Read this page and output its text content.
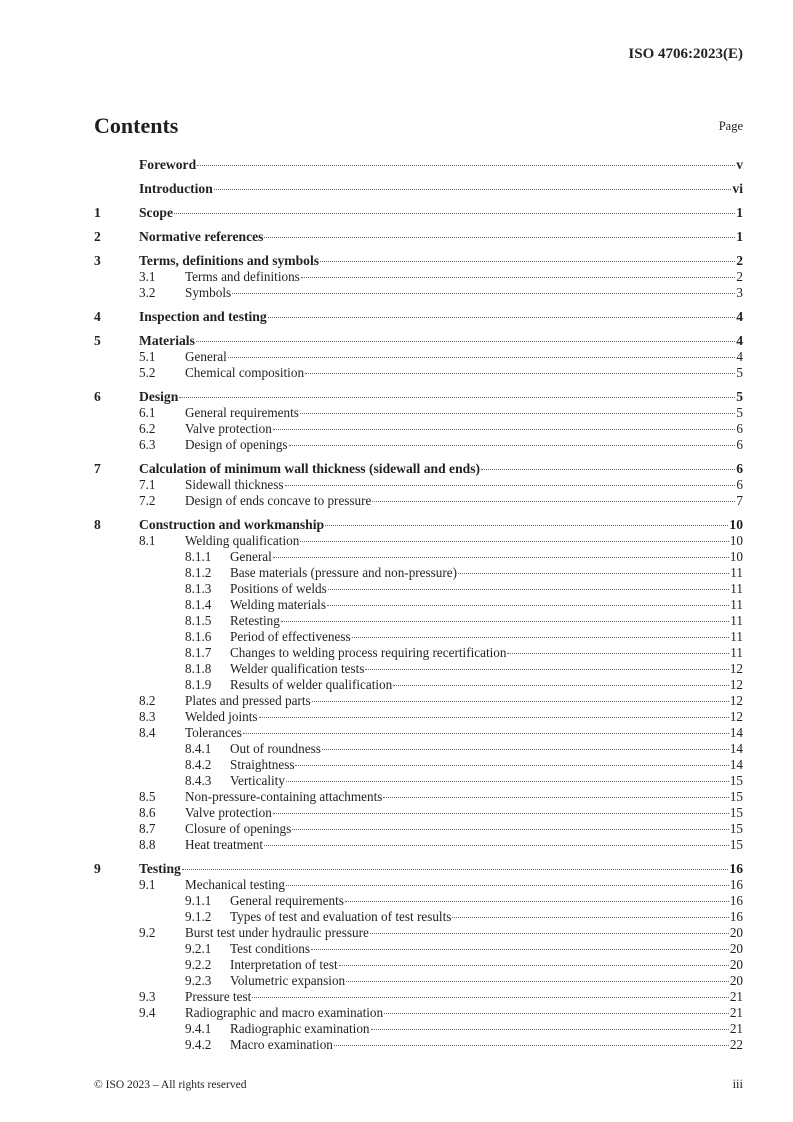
ISO 4706:2023(E)
Contents	Page
Foreword	v
Introduction	vi
1	Scope	1
2	Normative references	1
3	Terms, definitions and symbols	2
3.1	Terms and definitions	2
3.2	Symbols	3
4	Inspection and testing	4
5	Materials	4
5.1	General	4
5.2	Chemical composition	5
6	Design	5
6.1	General requirements	5
6.2	Valve protection	6
6.3	Design of openings	6
7	Calculation of minimum wall thickness (sidewall and ends)	6
7.1	Sidewall thickness	6
7.2	Design of ends concave to pressure	7
8	Construction and workmanship	10
8.1	Welding qualification	10
8.1.1	General	10
8.1.2	Base materials (pressure and non-pressure)	11
8.1.3	Positions of welds	11
8.1.4	Welding materials	11
8.1.5	Retesting	11
8.1.6	Period of effectiveness	11
8.1.7	Changes to welding process requiring recertification	11
8.1.8	Welder qualification tests	12
8.1.9	Results of welder qualification	12
8.2	Plates and pressed parts	12
8.3	Welded joints	12
8.4	Tolerances	14
8.4.1	Out of roundness	14
8.4.2	Straightness	14
8.4.3	Verticality	15
8.5	Non-pressure-containing attachments	15
8.6	Valve protection	15
8.7	Closure of openings	15
8.8	Heat treatment	15
9	Testing	16
9.1	Mechanical testing	16
9.1.1	General requirements	16
9.1.2	Types of test and evaluation of test results	16
9.2	Burst test under hydraulic pressure	20
9.2.1	Test conditions	20
9.2.2	Interpretation of test	20
9.2.3	Volumetric expansion	20
9.3	Pressure test	21
9.4	Radiographic and macro examination	21
9.4.1	Radiographic examination	21
9.4.2	Macro examination	22
© ISO 2023 – All rights reserved	iii
